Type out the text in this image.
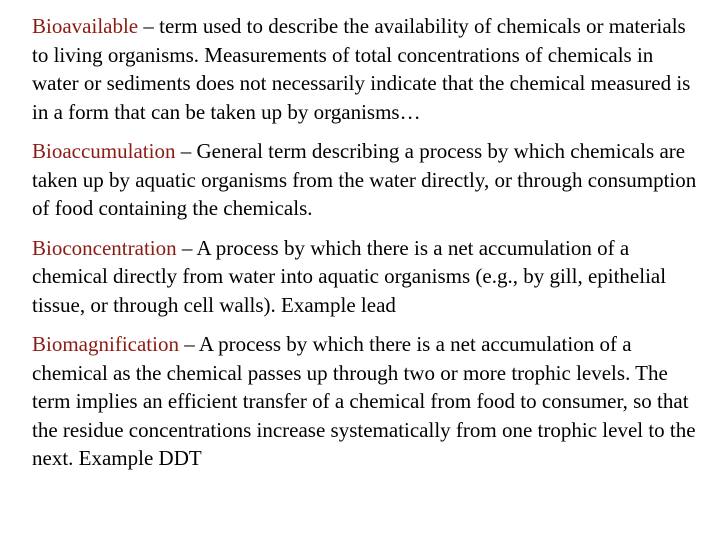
Bioavailable – term used to describe the availability of chemicals or materials to living organisms. Measurements of total concentrations of chemicals in water or sediments does not necessarily indicate that the chemical measured is in a form that can be taken up by organisms…

Bioaccumulation – General term describing a process by which chemicals are taken up by aquatic organisms from the water directly, or through consumption of food containing the chemicals.

Bioconcentration – A process by which there is a net accumulation of a chemical directly from water into aquatic organisms (e.g., by gill, epithelial tissue, or through cell walls). Example lead

Biomagnification – A process by which there is a net accumulation of a chemical as the chemical passes up through two or more trophic levels. The term implies an efficient transfer of a chemical from food to consumer, so that the residue concentrations increase systematically from one trophic level to the next. Example DDT
